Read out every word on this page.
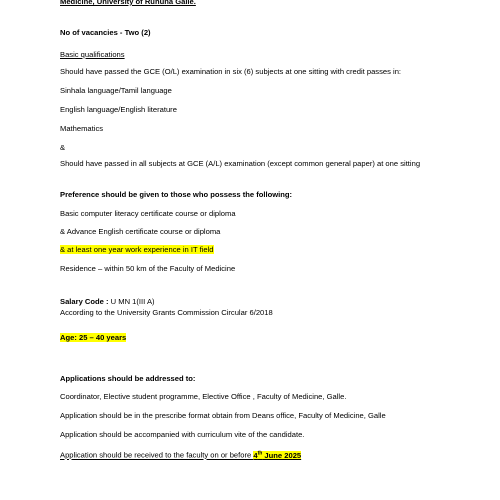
Medicine, University of Ruhuna Galle.
No of vacancies - Two (2)
Basic qualifications
Should have passed the GCE (O/L) examination in six (6) subjects at one sitting with credit passes in:
Sinhala language/Tamil language
English language/English literature
Mathematics
&
Should have passed in all subjects at GCE (A/L) examination (except common general paper) at one sitting
Preference should be given to those who possess the following:
Basic computer literacy certificate course or diploma
& Advance English certificate course or diploma
& at least one year work experience in IT field
Residence – within 50 km of the Faculty of Medicine
Salary Code : U MN 1(III A)
According to the University Grants Commission Circular 6/2018
Age: 25 – 40 years
Applications should be addressed to:
Coordinator, Elective student programme, Elective Office , Faculty of Medicine, Galle.
Application should be in the prescribe format obtain from Deans office, Faculty of Medicine, Galle
Application should be accompanied with curriculum vite of the candidate.
Application should be received to the faculty on or before 4th June 2025
